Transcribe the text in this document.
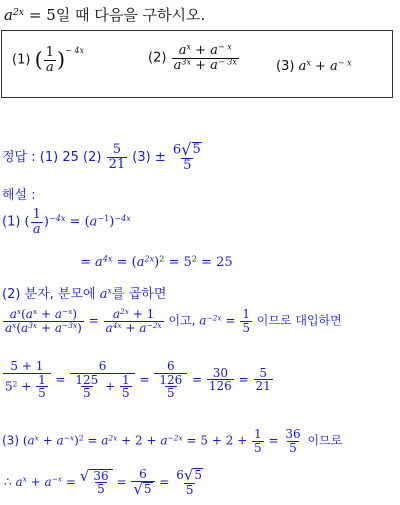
$a^{2x} = 5$일 때 다음을 구하시오.
(1) ( $\frac{1}{a} )^{- 4x}$	$(2) \frac{a^x + a^{- x}}{a^{3x} + a^{- 3x}}$	(3) $a^x + a^{- x}$
정답 : (1) 25 $(2) \frac{5}{21} (3) \pm \frac{6 √ 5}{5}$
해설 :
(1) ( $\frac{1}{a} )^{-4x} = (a^{-1})^{-4x}$
= $a^{4x} = (a^{2x})^2 = 5^2 = 25$
(2) 분자, 분모에 $a^x$를 곱하면
$\frac{a^x(a^x + a^{-x})}{a^x(a^{3x} + a^{-3x})} = \frac{a^{2x} + 1}{a^{4x} + a^{-2x}}$ 이고, $a^{-2x} = \frac{1}{5}$ 이므로 대입하면
$\frac{5 + 1}{5^2 + \frac{1}{5}} = \frac{6}{\frac{125}{5} + \frac{1}{5}} = \frac{6}{\frac{126}{5}} = \frac{30}{126} = \frac{5}{21}$
(3) $(a^x + a^{-x})^2 = a^{2x} + 2 + a^{-2x} = 5 + 2 + \frac{1}{5} = \frac{36}{5}$ 이므로
∴ $a^x + a^{-x}$ = √ $\frac{36}{5} = \frac{6}{√ 5} = \frac{6 √ 5}{5}$
